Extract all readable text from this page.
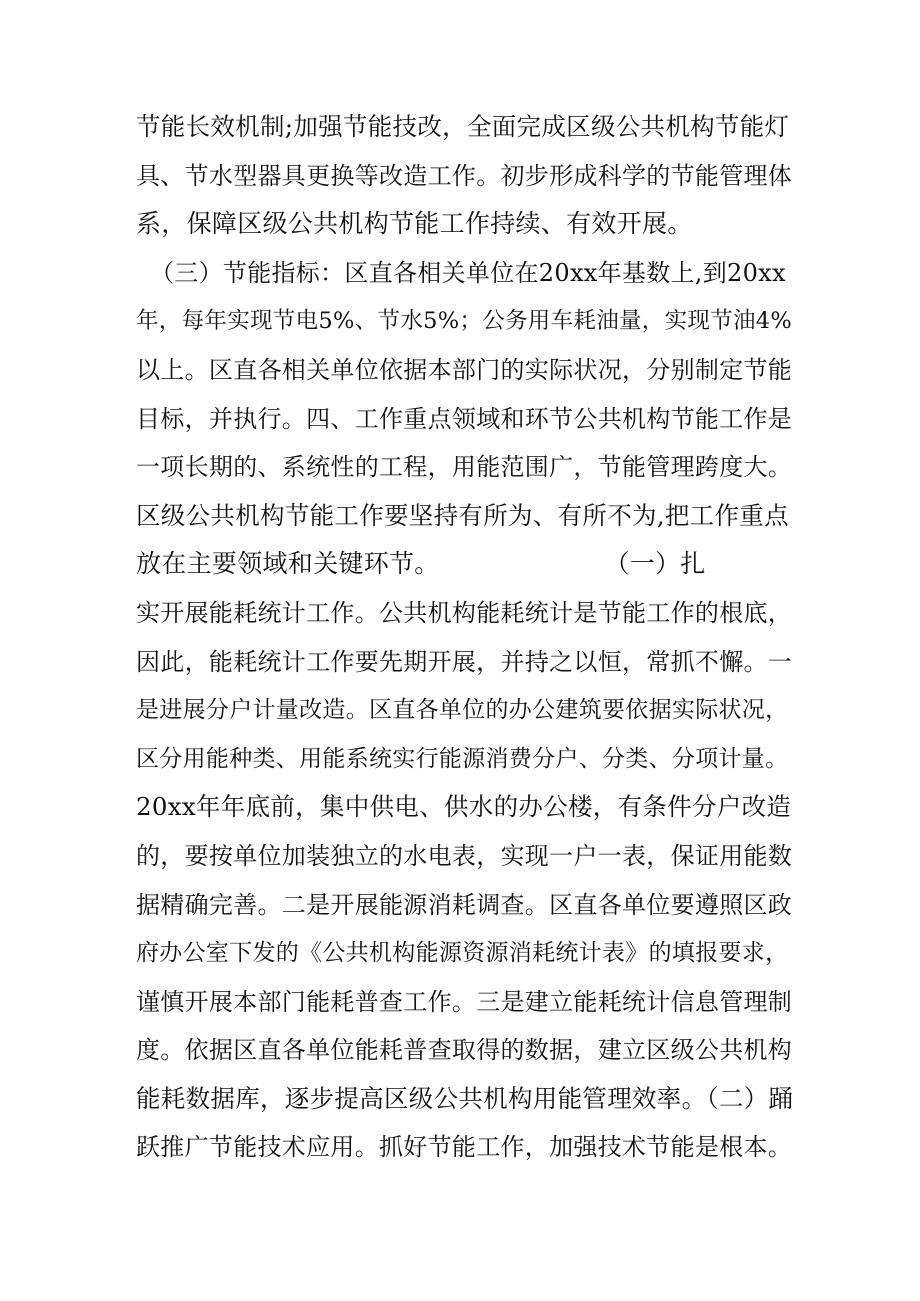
节能长效机制;加强节能技改，全面完成区级公共机构节能灯
具、节水型器具更换等改造工作。初步形成科学的节能管理体
系，保障区级公共机构节能工作持续、有效开展。
（三）节能指标：区直各相关单位在20xx年基数上,到20xx
年，每年实现节电5%、节水5%；公务用车耗油量，实现节油4%
以上。区直各相关单位依据本部门的实际状况，分别制定节能
目标，并执行。四、工作重点领域和环节公共机构节能工作是
一项长期的、系统性的工程，用能范围广，节能管理跨度大。
区级公共机构节能工作要坚持有所为、有所不为,把工作重点
放在主要领域和关键环节。                    （一）扎
实开展能耗统计工作。公共机构能耗统计是节能工作的根底，
因此，能耗统计工作要先期开展，并持之以恒，常抓不懈。一
是进展分户计量改造。区直各单位的办公建筑要依据实际状况，
区分用能种类、用能系统实行能源消费分户、分类、分项计量。
20xx年年底前，集中供电、供水的办公楼，有条件分户改造
的，要按单位加装独立的水电表，实现一户一表，保证用能数
据精确完善。二是开展能源消耗调查。区直各单位要遵照区政
府办公室下发的《公共机构能源资源消耗统计表》的填报要求，
谨慎开展本部门能耗普查工作。三是建立能耗统计信息管理制
度。依据区直各单位能耗普查取得的数据，建立区级公共机构
能耗数据库，逐步提高区级公共机构用能管理效率。（二）踊
跃推广节能技术应用。抓好节能工作，加强技术节能是根本。
